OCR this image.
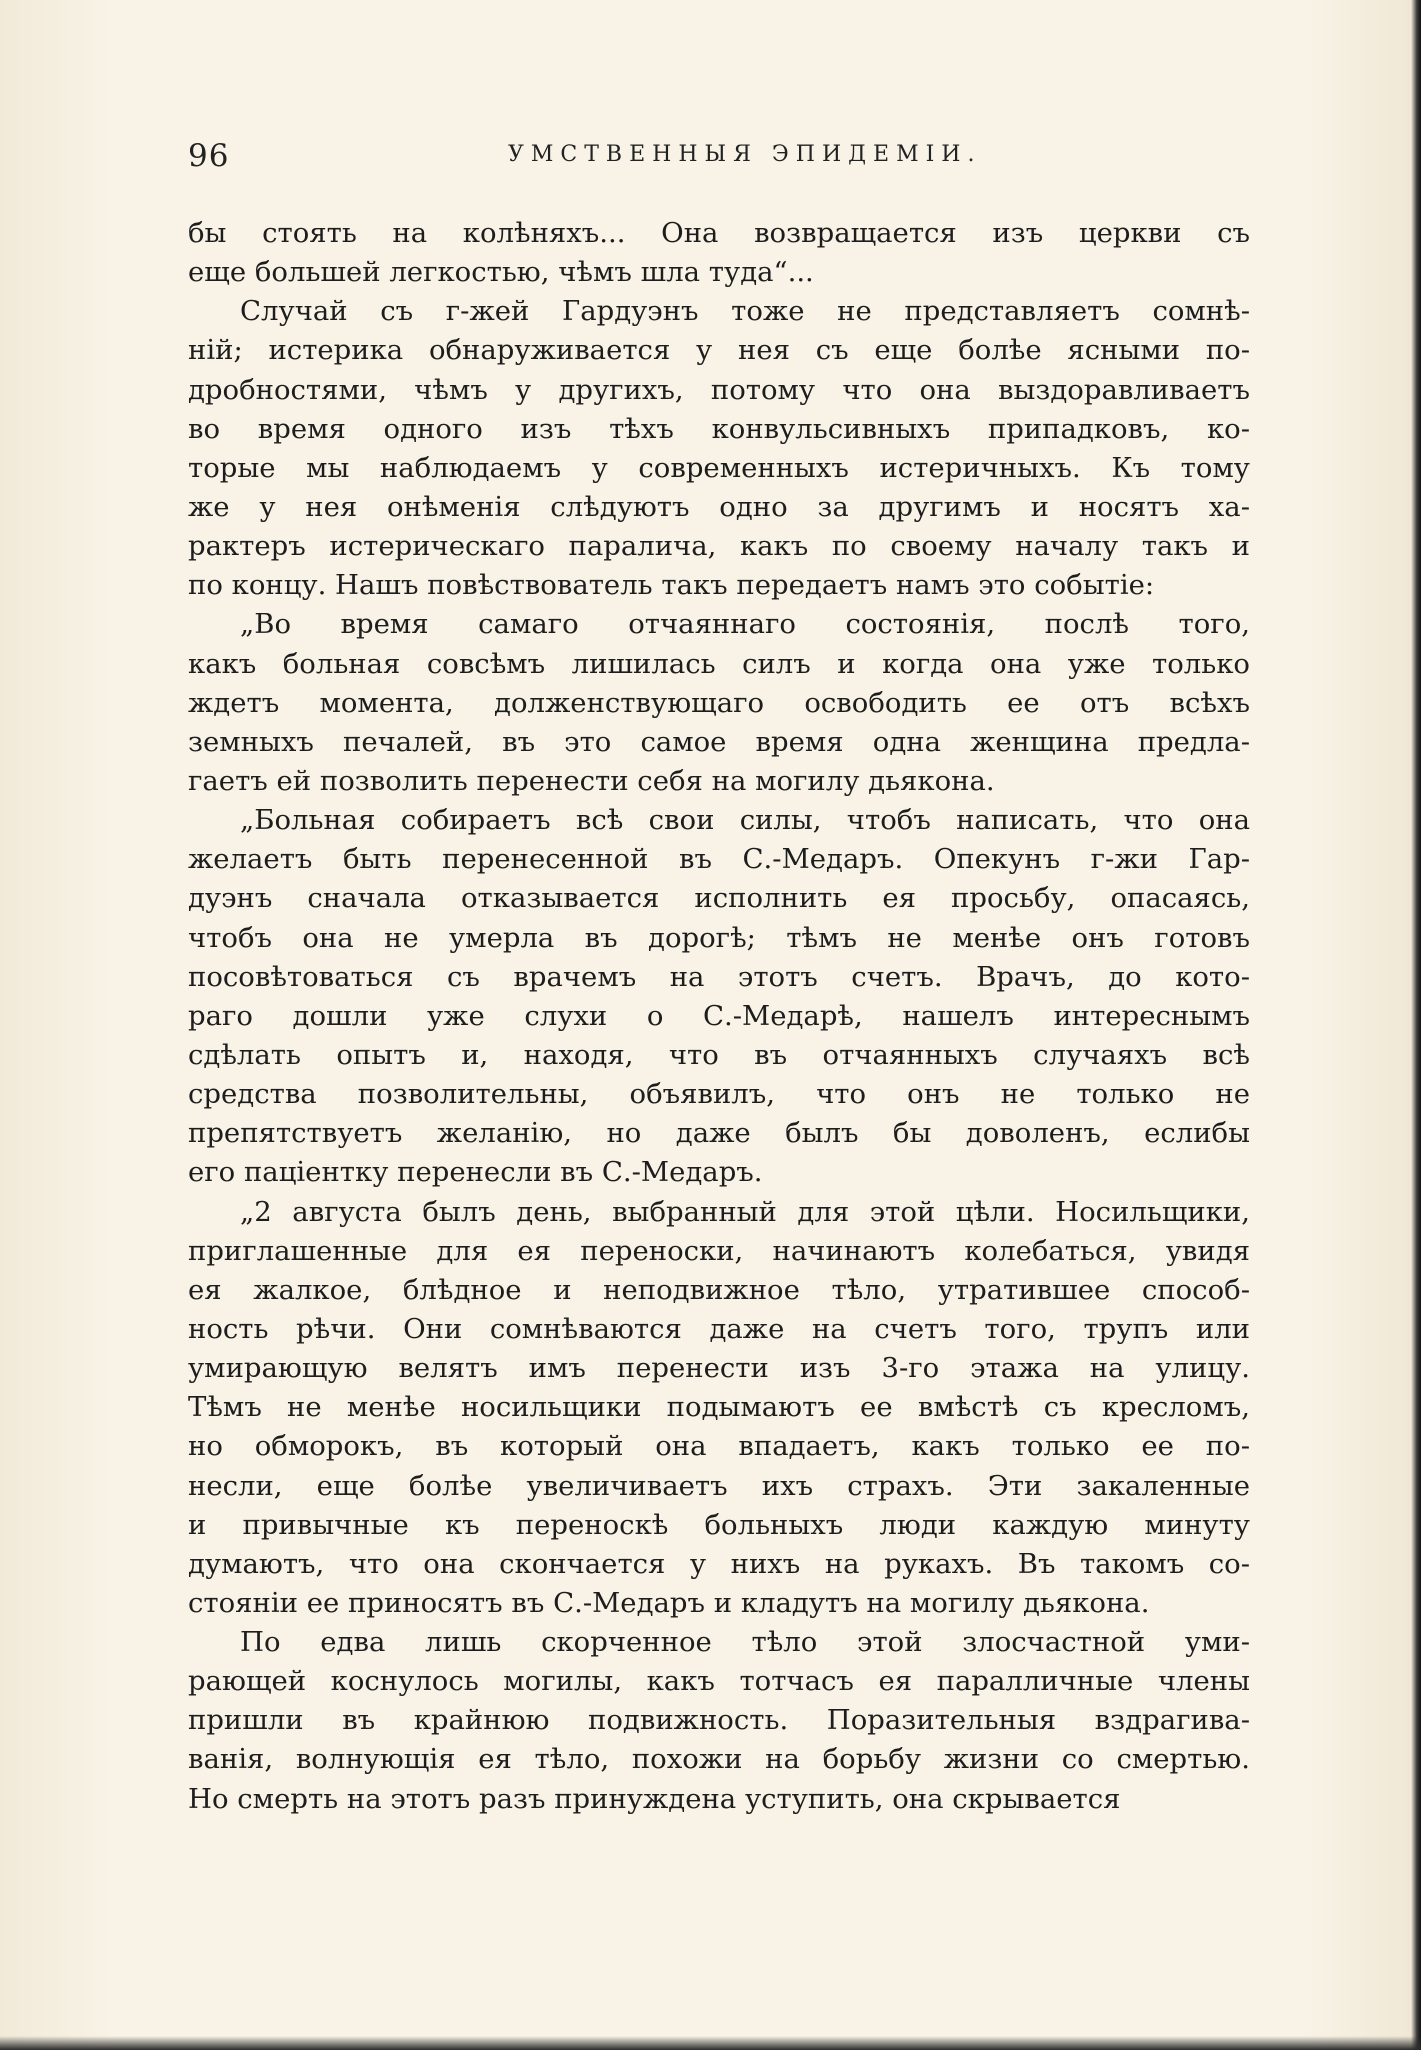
96	УМСТВЕННЫЯ ЭПИДЕМІИ.
бы стоять на колѣняхъ... Она возвращается изъ церкви съ
еще большей легкостью, чѣмъ шла туда“...
Случай съ г-жей Гардуэнъ тоже не представляетъ сомнѣ-
ній; истерика обнаруживается у нея съ еще болѣе ясными по-
дробностями, чѣмъ у другихъ, потому что она выздоравливаетъ
во время одного изъ тѣхъ конвульсивныхъ припадковъ, ко-
торые мы наблюдаемъ у современныхъ истеричныхъ. Къ тому
же у нея онѣменія слѣдуютъ одно за другимъ и носятъ ха-
рактеръ истерическаго паралича, какъ по своему началу такъ и
по концу. Нашъ повѣствователь такъ передаетъ намъ это событіе:
„Во время самаго отчаяннаго состоянія, послѣ того,
какъ больная совсѣмъ лишилась силъ и когда она уже только
ждетъ момента, долженствующаго освободить ее отъ всѣхъ
земныхъ печалей, въ это самое время одна женщина предла-
гаетъ ей позволить перенести себя на могилу дьякона.
„Больная собираетъ всѣ свои силы, чтобъ написать, что она
желаетъ быть перенесенной въ С.-Медаръ. Опекунъ г-жи Гар-
дуэнъ сначала отказывается исполнить ея просьбу, опасаясь,
чтобъ она не умерла въ дорогѣ; тѣмъ не менѣе онъ готовъ
посовѣтоваться съ врачемъ на этотъ счетъ. Врачъ, до кото-
раго дошли уже слухи о С.-Медарѣ, нашелъ интереснымъ
сдѣлать опытъ и, находя, что въ отчаянныхъ случаяхъ всѣ
средства позволительны, объявилъ, что онъ не только не
препятствуетъ желанію, но даже былъ бы доволенъ, еслибы
его паціентку перенесли въ С.-Медаръ.
„2 августа былъ день, выбранный для этой цѣли. Носильщики,
приглашенные для ея переноски, начинаютъ колебаться, увидя
ея жалкое, блѣдное и неподвижное тѣло, утратившее способ-
ность рѣчи. Они сомнѣваются даже на счетъ того, трупъ или
умирающую велятъ имъ перенести изъ 3-го этажа на улицу.
Тѣмъ не менѣе носильщики подымаютъ ее вмѣстѣ съ кресломъ,
но обморокъ, въ который она впадаетъ, какъ только ее по-
несли, еще болѣе увеличиваетъ ихъ страхъ. Эти закаленные
и привычные къ переноскѣ больныхъ люди каждую минуту
думаютъ, что она скончается у нихъ на рукахъ. Въ такомъ со-
стояніи ее приносятъ въ С.-Медаръ и кладутъ на могилу дьякона.
По едва лишь скорченное тѣло этой злосчастной уми-
рающей коснулось могилы, какъ тотчасъ ея паралличные члены
пришли въ крайнюю подвижность. Поразительныя вздрагива-
ванія, волнующія ея тѣло, похожи на борьбу жизни со смертью.
Но смерть на этотъ разъ принуждена уступить, она скрывается
